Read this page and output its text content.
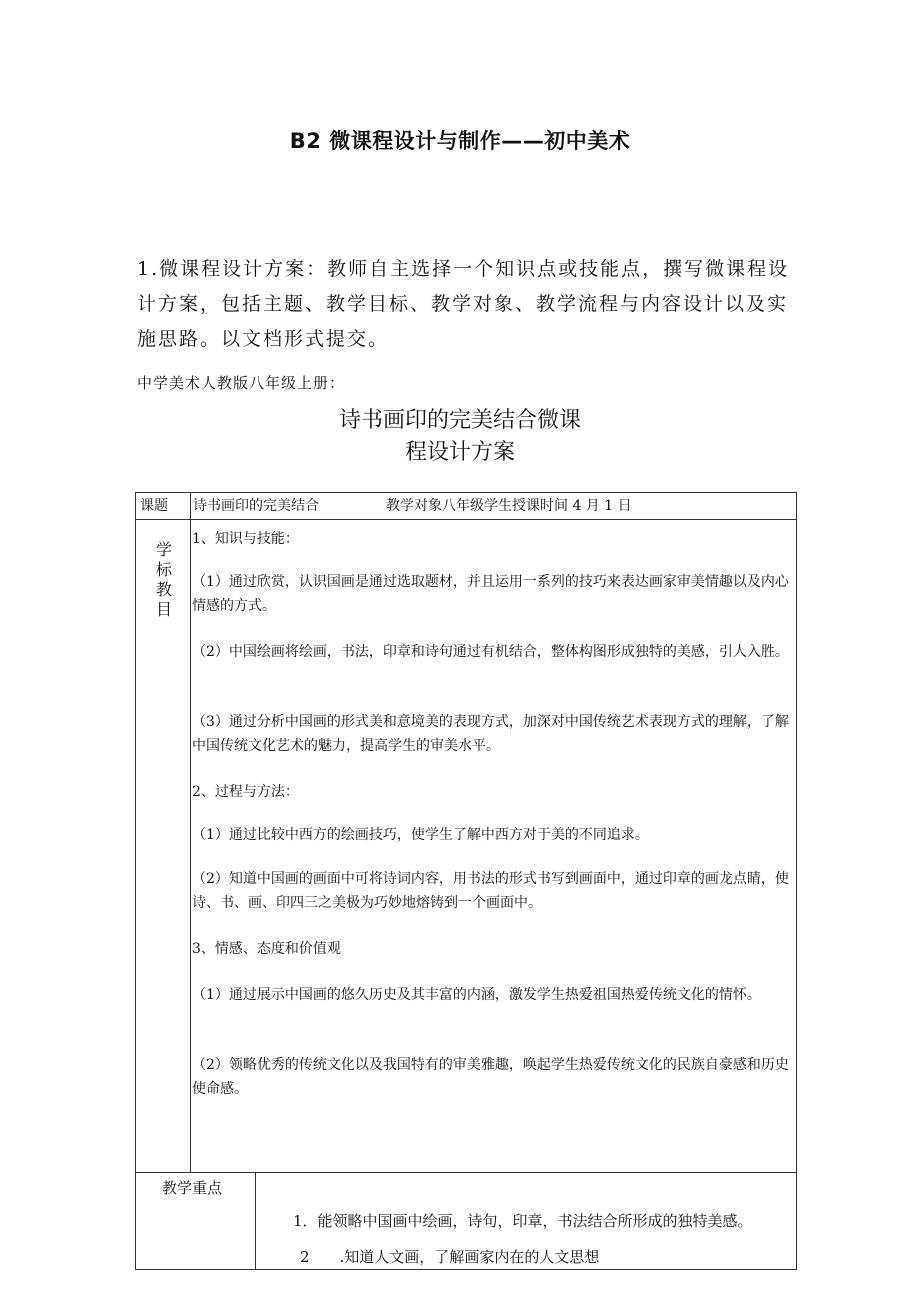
B2 微课程设计与制作——初中美术
1.微课程设计方案：教师自主选择一个知识点或技能点，撰写微课程设计方案，包括主题、教学目标、教学对象、教学流程与内容设计以及实施思路。以文档形式提交。
中学美术人教版八年级上册：
诗书画印的完美结合微课
程设计方案
课题 诗书画印的完美结合	教学对象八年级学生授课时间 4 月 1 日
学
标
教
目
1、知识与技能：
（1）通过欣赏，认识国画是通过选取题材，并且运用一系列的技巧来表达画家审美情趣以及内心情感的方式。
（2）中国绘画将绘画，书法，印章和诗句通过有机结合，整体构图形成独特的美感，引人入胜。
（3）通过分析中国画的形式美和意境美的表现方式，加深对中国传统艺术表现方式的理解，了解中国传统文化艺术的魅力，提高学生的审美水平。
2、过程与方法：
（1）通过比较中西方的绘画技巧，使学生了解中西方对于美的不同追求。
（2）知道中国画的画面中可将诗词内容，用书法的形式书写到画面中，通过印章的画龙点睛，使诗、书、画、印四三之美极为巧妙地熔铸到一个画面中。
3、情感、态度和价值观
（1）通过展示中国画的悠久历史及其丰富的内涵，激发学生热爱祖国热爱传统文化的情怀。
（2）领略优秀的传统文化以及我国特有的审美雅趣，唤起学生热爱传统文化的民族自豪感和历史使命感。
教学重点
1．能领略中国画中绘画，诗句，印章，书法结合所形成的独特美感。
2　　.知道人文画，了解画家内在的人文思想
